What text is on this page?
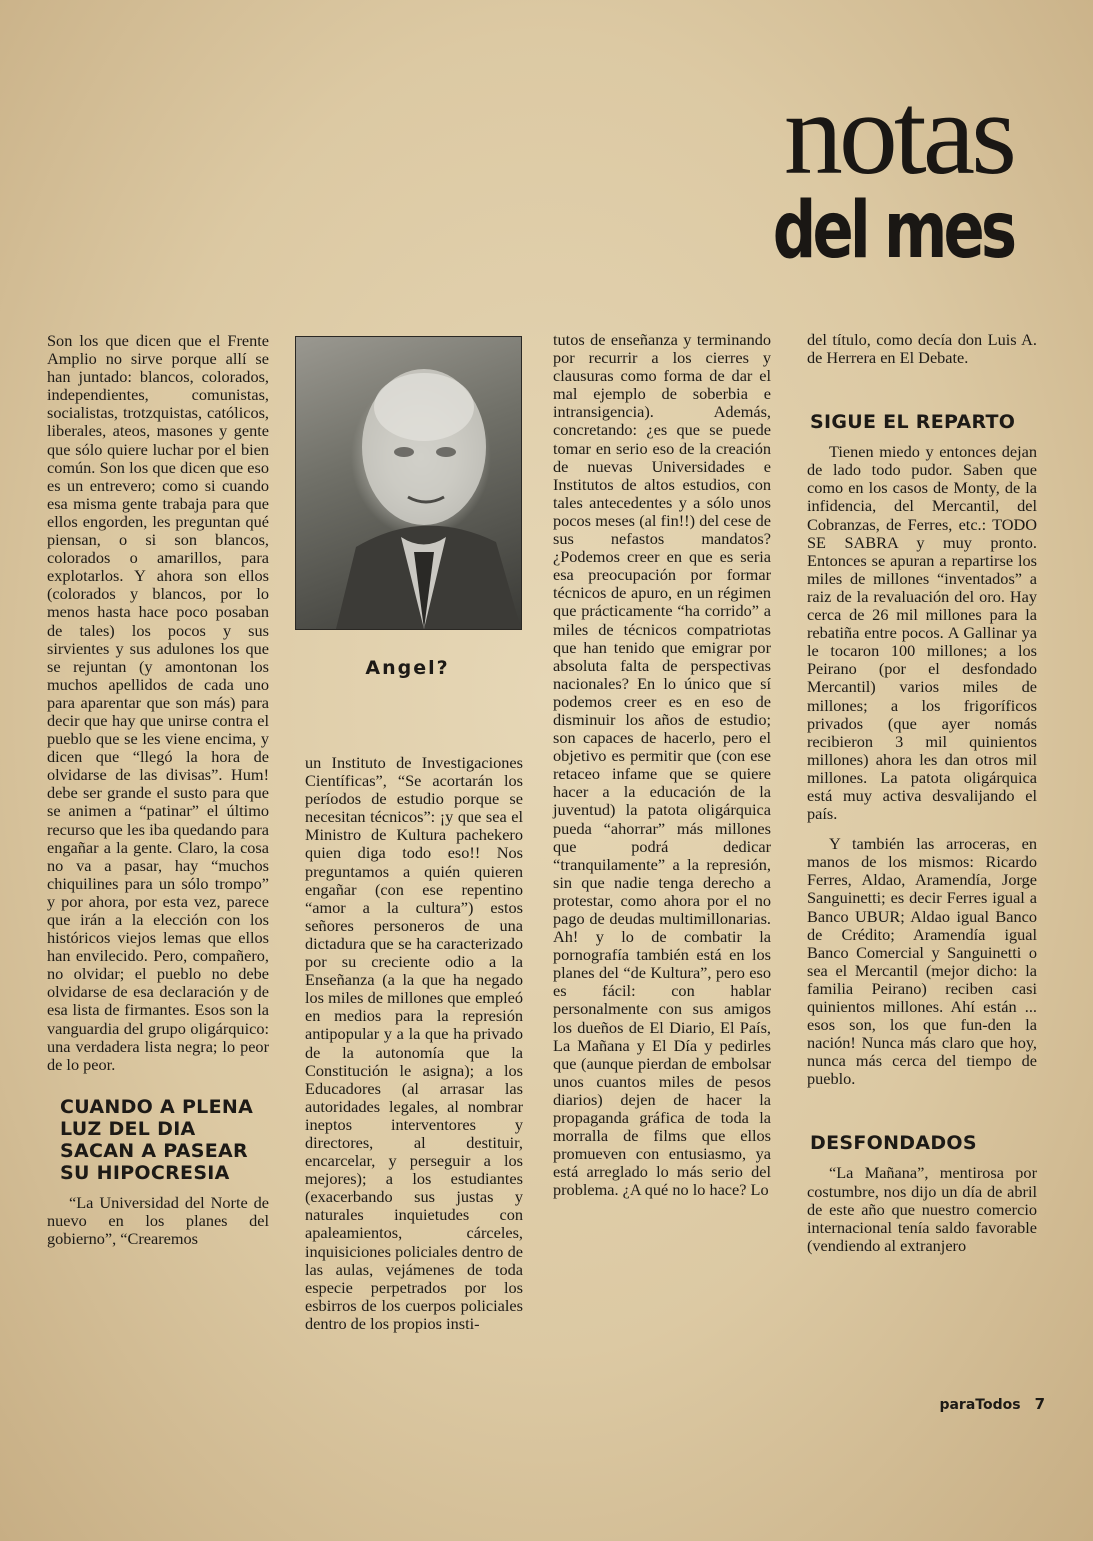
notas
del mes

Son los que dicen que el Frente Amplio no sirve porque allí se han juntado: blancos, colorados, independientes, comunistas, socialistas, trotzquistas, católicos, liberales, ateos, masones y gente que sólo quiere luchar por el bien común. Son los que dicen que eso es un entrevero; como si cuando esa misma gente trabaja para que ellos engorden, les preguntan qué piensan, o si son blancos, colorados o amarillos, para explotarlos. Y ahora son ellos (colorados y blancos, por lo menos hasta hace poco posaban de tales) los pocos y sus sirvientes y sus adulones los que se rejuntan (y amontonan los muchos apellidos de cada uno para aparentar que son más) para decir que hay que unirse contra el pueblo que se les viene encima, y dicen que “llegó la hora de olvidarse de las divisas”. Hum! debe ser grande el susto para que se animen a “patinar” el último recurso que les iba quedando para engañar a la gente. Claro, la cosa no va a pasar, hay “muchos chiquilines para un sólo trompo” y por ahora, por esta vez, parece que irán a la elección con los históricos viejos lemas que ellos han envilecido. Pero, compañero, no olvidar; el pueblo no debe olvidarse de esa declaración y de esa lista de firmantes. Esos son la vanguardia del grupo oligárquico: una verdadera lista negra; lo peor de lo peor.

CUANDO A PLENA LUZ DEL DIA SACAN A PASEAR SU HIPOCRESIA

“La Universidad del Norte de nuevo en los planes del gobierno”, “Crearemos

Angel?

un Instituto de Investigaciones Científicas”, “Se acortarán los períodos de estudio porque se necesitan técnicos”: ¡y que sea el Ministro de Kultura pachekero quien diga todo eso!! Nos preguntamos a quién quieren engañar (con ese repentino “amor a la cultura”) estos señores personeros de una dictadura que se ha caracterizado por su creciente odio a la Enseñanza (a la que ha negado los miles de millones que empleó en medios para la represión antipopular y a la que ha privado de la autonomía que la Constitución le asigna); a los Educadores (al arrasar las autoridades legales, al nombrar ineptos interventores y directores, al destituir, encarcelar, y perseguir a los mejores); a los estudiantes (exacerbando sus justas y naturales inquietudes con apaleamientos, cárceles, inquisiciones policiales dentro de las aulas, vejámenes de toda especie perpetrados por los esbirros de los cuerpos policiales dentro de los propios insti-

tutos de enseñanza y terminando por recurrir a los cierres y clausuras como forma de dar el mal ejemplo de soberbia e intransigencia). Además, concretando: ¿es que se puede tomar en serio eso de la creación de nuevas Universidades e Institutos de altos estudios, con tales antecedentes y a sólo unos pocos meses (al fin!!) del cese de sus nefastos mandatos? ¿Podemos creer en que es seria esa preocupación por formar técnicos de apuro, en un régimen que prácticamente “ha corrido” a miles de técnicos compatriotas que han tenido que emigrar por absoluta falta de perspectivas nacionales? En lo único que sí podemos creer es en eso de disminuir los años de estudio; son capaces de hacerlo, pero el objetivo es permitir que (con ese retaceo infame que se quiere hacer a la educación de la juventud) la patota oligárquica pueda “ahorrar” más millones que podrá dedicar “tranquilamente” a la represión, sin que nadie tenga derecho a protestar, como ahora por el no pago de deudas multimillonarias. Ah! y lo de combatir la pornografía también está en los planes del “de Kultura”, pero eso es fácil: con hablar personalmente con sus amigos los dueños de El Diario, El País, La Mañana y El Día y pedirles que (aunque pierdan de embolsar unos cuantos miles de pesos diarios) dejen de hacer la propaganda gráfica de toda la morralla de films que ellos promueven con entusiasmo, ya está arreglado lo más serio del problema. ¿A qué no lo hace? Lo

del título, como decía don Luis A. de Herrera en El Debate.

SIGUE EL REPARTO

Tienen miedo y entonces dejan de lado todo pudor. Saben que como en los casos de Monty, de la infidencia, del Mercantil, del Cobranzas, de Ferres, etc.: TODO SE SABRA y muy pronto. Entonces se apuran a repartirse los miles de millones “inventados” a raiz de la revaluación del oro. Hay cerca de 26 mil millones para la rebatiña entre pocos. A Gallinar ya le tocaron 100 millones; a los Peirano (por el desfondado Mercantil) varios miles de millones; a los frigoríficos privados (que ayer nomás recibieron 3 mil quinientos millones) ahora les dan otros mil millones. La patota oligárquica está muy activa desvalijando el país.

Y también las arroceras, en manos de los mismos: Ricardo Ferres, Aldao, Aramendía, Jorge Sanguinetti; es decir Ferres igual a Banco UBUR; Aldao igual Banco de Crédito; Aramendía igual Banco Comercial y Sanguinetti o sea el Mercantil (mejor dicho: la familia Peirano) reciben casi quinientos millones. Ahí están ... esos son, los que fun-den la nación! Nunca más claro que hoy, nunca más cerca del tiempo de pueblo.

DESFONDADOS

“La Mañana”, mentirosa por costumbre, nos dijo un día de abril de este año que nuestro comercio internacional tenía saldo favorable (vendiendo al extranjero

paraTodos 7
